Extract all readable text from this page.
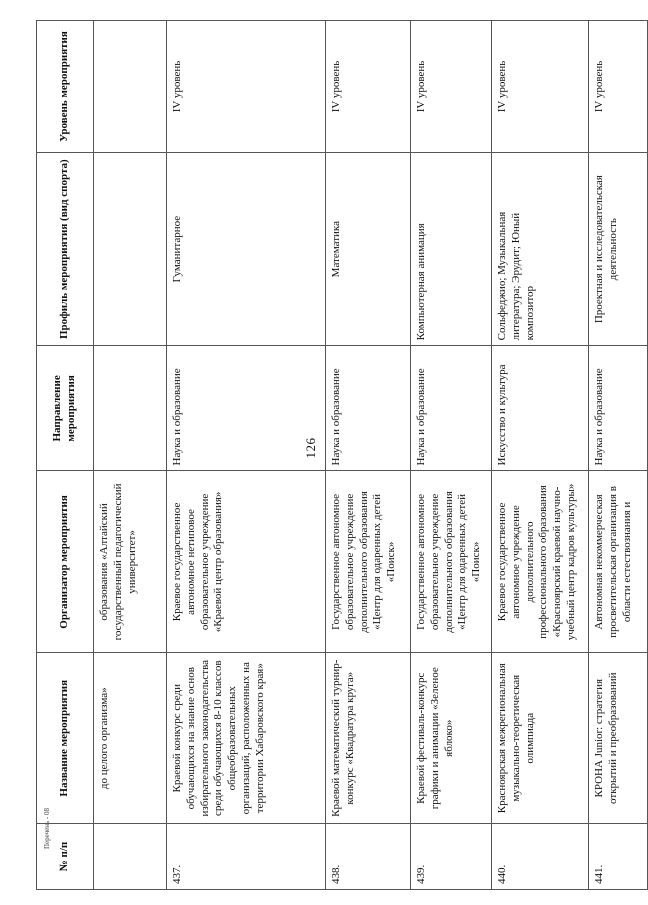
126
Перечень - 08
№ п/п	Название мероприятия	Организатор мероприятия	Направление мероприятия	Профиль мероприятия (вид спорта)	Уровень мероприятия
	до целого организма»	образования «Алтайский государственный педагогический университет»			
437.	Краевой конкурс среди обучающихся на знание основ избирательного законодательства среди обучающихся 8-10 классов общеобразовательных организаций, расположенных на территории Хабаровского края»	Краевое государственное автономное нетиповое образовательное учреждение «Краевой центр образования»	Наука и образование	Гуманитарное	IV уровень
438.	Краевой математический турнир-конкурс «Квадратура круга»	Государственное автономное образовательное учреждение дополнительного образования «Центр для одаренных детей «Поиск»	Наука и образование	Математика	IV уровень
439.	Краевой фестиваль-конкурс графики и анимации «Зеленое яблоко»	Государственное автономное образовательное учреждение дополнительного образования «Центр для одаренных детей «Поиск»	Наука и образование	Компьютерная анимация	IV уровень
440.	Красноярская межрегиональная музыкально-теоретическая олимпиада	Краевое государственное автономное учреждение дополнительного профессионального образования «Красноярский краевой научно-учебный центр кадров культуры»	Искусство и культура	Сольфеджио; Музыкальная литература; Эрудит; Юный композитор	IV уровень
441.	КРОНА Junior: стратегия открытий и преобразований	Автономная некоммерческая просветительская организация в области естествознания и	Наука и образование	Проектная и исследовательская деятельность	IV уровень
